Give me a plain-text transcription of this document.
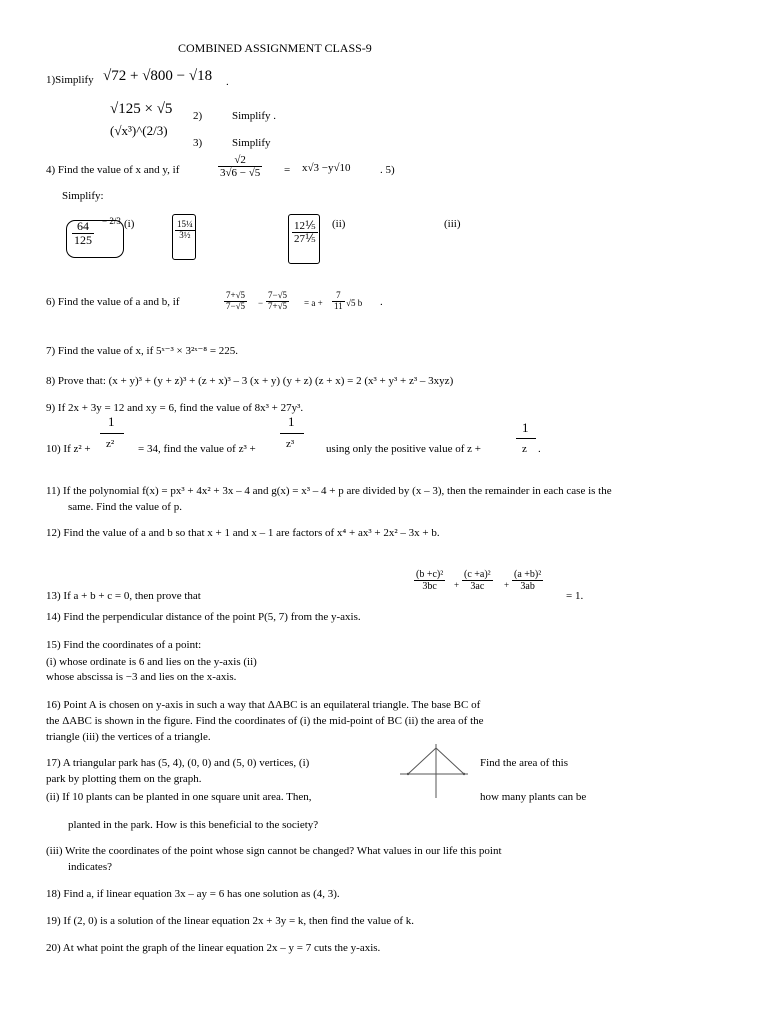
COMBINED ASSIGNMENT CLASS-9
1)Simplify √72 + √800 − √18 .
√125 × √5
(√x³)^(2/3)
2)	Simplify .
3)	Simplify
4) Find the value of x and y, if	$\frac{√2}{3√6 - √5} = x√3 -y√10$	. 5)
Simplify:
$\frac{64}{125} - 2/3$ (i)	$\frac{\text{15¼}}{\text{3½}}$	$\frac{\text{12⅕}}{\text{27⅕}} (ii)$	(iii)
6) Find the value of a and b, if	$\frac{7+√5}{7-√5} - \frac{7-√5}{7+√5} = a + \frac{7}{11} √5$ b .
7) Find the value of x, if 5ˣ⁻³ × 3²ˣ⁻⁸ = 225.
8) Prove that: (x + y)³ + (y + z)³ + (z + x)³ – 3 (x + y) (y + z) (z + x) = 2 (x³ + y³ + z³ – 3xyz)
9) If 2x + 3y = 12 and xy = 6, find the value of 8x³ + 27y³.
1	1	1
10) If z² + z² = 34, find the value of z³ +	z³	using only the positive value of z +	z .
11) If the polynomial f(x) = px³ + 4x² + 3x – 4 and g(x) = x³ – 4 + p are divided by (x – 3), then the remainder in each case is the
same. Find the value of p.
12) Find the value of a and b so that x + 1 and x – 1 are factors of x⁴ + ax³ + 2x² – 3x + b.
13) If a + b + c = 0, then prove that
$\frac{\text{(b +c)²}}{3bc} + \frac{\text{(c +a)²}}{3ac} + \frac{\text{(a +b)²}}{3ab}$
= 1.
14) Find the perpendicular distance of the point P(5, 7) from the y-axis.
15) Find the coordinates of a point:
(i) whose ordinate is 6 and lies on the y-axis (ii)
whose abscissa is −3 and lies on the x-axis.
16) Point A is chosen on y-axis in such a way that ΔABC is an equilateral triangle. The base BC of
the ΔABC is shown in the figure. Find the coordinates of (i) the mid-point of BC (ii) the area of the
triangle (iii) the vertices of a triangle.
17) A triangular park has (5, 4), (0, 0) and (5, 0) vertices, (i)	Find the area of this
park by plotting them on the graph.
(ii) If 10 plants can be planted in one square unit area. Then,	how many plants can be
planted in the park. How is this beneficial to the society?
(iii) Write the coordinates of the point whose sign cannot be changed? What values in our life this point
indicates?
18) Find a, if linear equation 3x – ay = 6 has one solution as (4, 3).
19) If (2, 0) is a solution of the linear equation 2x + 3y = k, then find the value of k.
20) At what point the graph of the linear equation 2x – y = 7 cuts the y-axis.
